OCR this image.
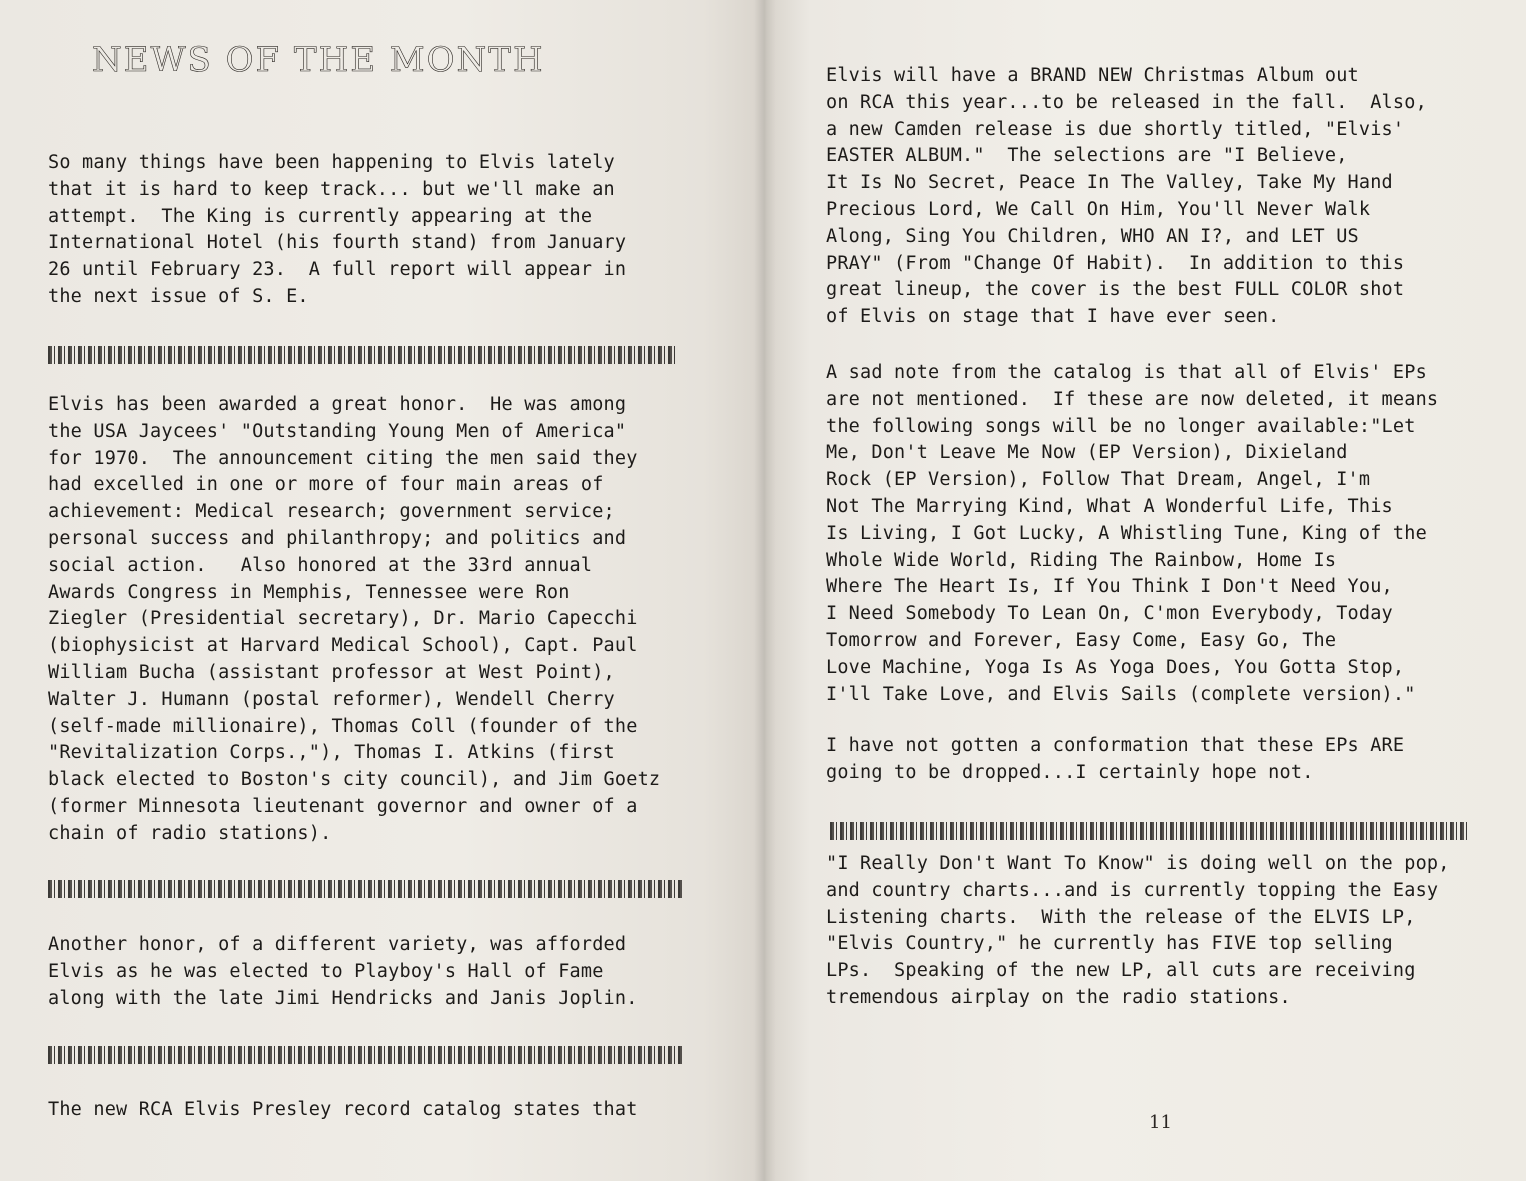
NEWS OF THE MONTH

So many things have been happening to Elvis lately
that it is hard to keep track... but we'll make an
attempt.  The King is currently appearing at the
International Hotel (his fourth stand) from January
26 until February 23.  A full report will appear in
the next issue of S. E.

Elvis has been awarded a great honor.  He was among
the USA Jaycees' "Outstanding Young Men of America"
for 1970.  The announcement citing the men said they
had excelled in one or more of four main areas of
achievement: Medical research; government service;
personal success and philanthropy; and politics and
social action.   Also honored at the 33rd annual
Awards Congress in Memphis, Tennessee were Ron
Ziegler (Presidential secretary), Dr. Mario Capecchi
(biophysicist at Harvard Medical School), Capt. Paul
William Bucha (assistant professor at West Point),
Walter J. Humann (postal reformer), Wendell Cherry
(self-made millionaire), Thomas Coll (founder of the
"Revitalization Corps.,"), Thomas I. Atkins (first
black elected to Boston's city council), and Jim Goetz
(former Minnesota lieutenant governor and owner of a
chain of radio stations).

Another honor, of a different variety, was afforded
Elvis as he was elected to Playboy's Hall of Fame
along with the late Jimi Hendricks and Janis Joplin.

The new RCA Elvis Presley record catalog states that

Elvis will have a BRAND NEW Christmas Album out
on RCA this year...to be released in the fall.  Also,
a new Camden release is due shortly titled, "Elvis'
EASTER ALBUM."  The selections are "I Believe,
It Is No Secret, Peace In The Valley, Take My Hand
Precious Lord, We Call On Him, You'll Never Walk
Along, Sing You Children, WHO AN I?, and LET US
PRAY" (From "Change Of Habit).  In addition to this
great lineup, the cover is the best FULL COLOR shot
of Elvis on stage that I have ever seen.

A sad note from the catalog is that all of Elvis' EPs
are not mentioned.  If these are now deleted, it means
the following songs will be no longer available:"Let
Me, Don't Leave Me Now (EP Version), Dixieland
Rock (EP Version), Follow That Dream, Angel, I'm
Not The Marrying Kind, What A Wonderful Life, This
Is Living, I Got Lucky, A Whistling Tune, King of the
Whole Wide World, Riding The Rainbow, Home Is
Where The Heart Is, If You Think I Don't Need You,
I Need Somebody To Lean On, C'mon Everybody, Today
Tomorrow and Forever, Easy Come, Easy Go, The
Love Machine, Yoga Is As Yoga Does, You Gotta Stop,
I'll Take Love, and Elvis Sails (complete version)."

I have not gotten a conformation that these EPs ARE
going to be dropped...I certainly hope not.

"I Really Don't Want To Know" is doing well on the pop,
and country charts...and is currently topping the Easy
Listening charts.  With the release of the ELVIS LP,
"Elvis Country," he currently has FIVE top selling
LPs.  Speaking of the new LP, all cuts are receiving
tremendous airplay on the radio stations.

11
